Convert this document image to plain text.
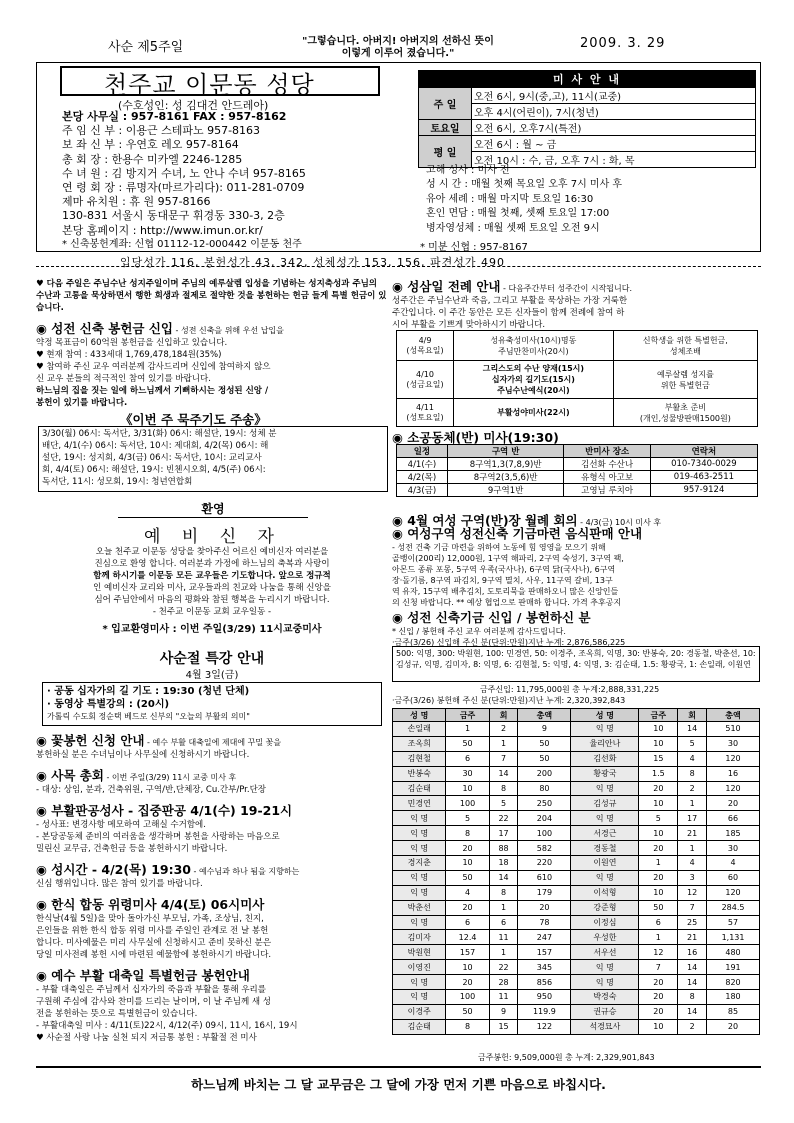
사순 제5주일	"그렇습니다. 아버지! 아버지의 선하신 뜻이
이렇게 이루어 졌습니다."
2009. 3. 29
천주교 이문동 성당
(수호성인: 성 김대건 안드레아)
본당 사무실 : 957-8161 FAX : 957-8162
주 임 신 부 : 이용근 스테파노 957-8163
보 좌 신 부 : 우연호 레오 957-8164
총 회 장 : 한용수 미카엘 2246-1285
수 녀 원 : 김 방지거 수녀, 노 안나 수녀 957-8165
연 령 회 장 : 류명자(마르가리다): 011-281-0709
제마 유치원 : 휴 원 957-8166
130-831 서울시 동대문구 휘경동 330-3, 2층
본당 홈페이지 : http://www.imun.or.kr/
* 신축봉헌계좌: 신협 01112-12-000442 이문동 천주
미 사 안 내	
주 일	오전 6시, 9시(중,고), 11시(교중)
	오후 4시(어린이), 7시(청년)
토요일	오전 6시, 오후7시(특전)
평 일	오전 6시 : 월 ~ 금
	오전 10시 : 수, 금, 오후 7시 : 화, 목
고해 성사 : 미사 전
성 시 간 : 매월 첫째 목요일 오후 7시 미사 후
유아 세례 : 매월 마지막 토요일 16:30
혼인 면담 : 매월 첫째, 셋째 토요일 17:00
병자영성체 : 매월 셋째 토요일 오전 9시
* 미분 신협 : 957-8167
입당성가 116, 봉헌성가 43, 342, 성체성가 153, 156, 파견성가 490
♥ 다음 주일은 주님수난 성지주일이며 주님의 예루살렘 입성을 기념하는 성지축성과 주님의 수난과 고통을 묵상하면서 행한 회생과 절제로 절약한 것을 봉헌하는 헌금 들게 특별 헌금이 있습니다.
◉ 성전 신축 봉헌금 신입 - 성전 신축을 위해 우선 납입을
약정 목표금이 60억원 봉헌금을 신입하고 있습니다.
♥ 현재 참여 : 433세대 1,769,478,184원(35%)
♥ 참여하 주신 교우 여러분께 감사드리며 신입에 참여하지 않으
신 교우 분들의 적극적인 참여 있기를 바랍니다.
하느님의 집을 짓는 일에 하느님께서 기뻐하시는 정성된 신앙 /
봉헌이 있기를 바랍니다.
《이번 주 묵주기도 주송》
3/30(월) 06시: 독서단, 3/31(화) 06시: 해설단, 19시: 성체 분
배단, 4/1(수) 06시: 독서단, 10시: 제대회, 4/2(목) 06시: 해
설단, 19시: 성지회, 4/3(금) 06시: 독서단, 10시: 교리교사
회, 4/4(토) 06시: 해설단, 19시: 빈첸시오회, 4/5(주) 06시:
독서단, 11시: 성모회, 19시: 청년연합회
환영
예 비 신 자
오늘 천주교 이문동 성당을 찾아주신 어르신 예비신자 여러분을
진심으로 환영 합니다. 여러분과 가정에 하느님의 축복과 사랑이
함께 하시기를 이문동 모든 교우들은 기도합니다. 앞으로 정규적
인 예비신자 교리와 미사, 교우들과의 친교와 나눔을 통해 신앙을
심어 주님안에서 마음의 평화와 참된 행복을 누리시기 바랍니다.
- 천주교 이문동 교회 교우일동 -
* 입교환영미사 : 이번 주일(3/29) 11시교중미사
사순절 특강 안내
4월 3일(금)
· 공동 십자가의 길 기도 : 19:30 (청년 단체)
· 동영상 특별강의 : (20시)
가톨릭 수도회 정순택 베드로 신부의 "오늘의 부활의 의미"
◉ 꽃봉헌 신청 안내 - 예수 부활 대축일에 제대에 꾸밀 꽃을
봉헌하실 분은 수녀님이나 사무실에 신청하시기 바랍니다.
◉ 사목 총회 - 이번 주일(3/29) 11시 교중 미사 후
- 대상: 상임, 분과, 건축위원, 구역/반,단체장, Cu.간부/Pr.단장
◉ 부활판공성사 - 집중판공 4/1(수) 19-21시
- 성사표: 변경사항 메모하여 고해실 수거함에.
- 본당공동체 준비의 여러움을 생각하며 봉헌을 사랑하는 마음으로
밀린신 교무금, 건축헌금 등을 봉헌하시기 바랍니다.
◉ 성시간 - 4/2(목) 19:30 - 예수님과 하나 됨을 지향하는
신심 행위입니다. 많은 참여 있기를 바랍니다.
◉ 한식 합동 위령미사 4/4(토) 06시미사
한식날(4월 5일)을 맞아 돌아가신 부모님, 가족, 조상님, 친지,
은인들을 위한 한식 합동 위령 미사를 주일인 관계로 전 날 봉헌
합니다. 미사예물은 미리 사무실에 신청하시고 준비 못하신 분은
당일 미사전례 봉헌 시에 마련된 예물함에 봉헌하시기 바랍니다.
◉ 예수 부활 대축일 특별헌금 봉헌안내
- 부활 대축일은 주님께서 십자가의 죽음과 부활을 통해 우리를
구원해 주심에 감사와 찬미를 드리는 날이며, 이 날 주님께 새 성
전을 봉헌하는 뜻으로 특별헌금이 있습니다.
- 부활대축일 미사 : 4/11(토)22시, 4/12(주) 09시, 11시, 16시, 19시
♥ 사순절 사랑 나눔 실천 되지 저금통 봉헌 : 부활절 전 미사
◉ 성삼일 전례 안내 - 다음주간부터 성주간이 시작됩니다.
성주간은 주님수난과 죽음, 그리고 부활을 묵상하는 가장 거룩한
주간입니다. 이 주간 동안은 모든 신자들이 함께 전례에 참여 하
시어 부활을 기쁘게 맞아하시기 바랍니다.
4/9
(성목요일)	성유축성미사(10시)명동
주님만찬미사(20시)	신학생을 위한 특별헌금,
성체조배
4/10
(성금요일)	그리스도의 수난 양재(15시)
십자가의 길기도(15시)
주님수난예식(20시)	예루살렘 성지를
위한 특별헌금
4/11
(성토요일)	부활성야미사(22시)	부활초 준비
(개인,성물방판매1500원)
◉ 소공동체(반) 미사(19:30)
일정	구역 반	반미사 장소	연락처
4/1(수)	8구역1,3(7,8,9)반	김선화 수산나	010-7340-0029
4/2(목)	8구역2(3,5,6)반	유형식 아고보	019-463-2511
4/3(금)	9구역1반	고영님 루치아	957-9124
◉ 4월 여성 구역(반)장 월례 회의 - 4/3(금) 10시 미사 후
◉ 여성구역 성전신축 기금마련 음식판매 안내
- 성전 건축 기금 마련을 위하여 노동에 힘 영영을 모으기 위해
골뱅이(200리) 12,000원, 1구역 해파리, 2구역 숙성기, 3구역 팩,
아몬드 종류 포몽, 5구역 우족(국사나), 6구역 닭(국사나), 6구역
장·돌기름, 8구역 파김치, 9구역 멸치, 사우, 11구역 갈비, 13구
역 유자, 15구역 배추김치, 도토리묵을 판매하오니 많은 신앙인들
의 신청 바랍니다. ** 예상 협업으로 판매하 합니다. 가격 추후공지
◉ 성전 신축기금 신입 / 봉헌하신 분
* 신입 / 봉헌해 주신 교우 여러분께 감사드립니다.
·금주(3/26) 신입해 주신 분(단위:만원)지난 누계: 2,876,586,225
500: 익명, 300: 박원현, 100: 민경연, 50: 이경주, 조옥희, 익명, 30: 반봉숙, 20: 경동철, 박춘선, 10: 김성규, 익명, 김미자, 8: 익명, 6: 김현철, 5: 익명, 4: 익명, 3: 김순태, 1.5: 황광국, 1: 손일래, 이원연
금주신입: 11,795,000원 총 누계:2,888,331,225
·금주(3/26) 봉헌해 주신 분(단위:만원)지난 누계: 2,320,392,843
성 명	금주	회	총액	성 명	금주	회	총액
손일래	1	2	9	익 명	10	14	510
조옥희	50	1	50	율리안나	10	5	30
김현철	6	7	50	김선화	15	4	120
반봉숙	30	14	200	황광국	1.5	8	16
김순태	10	8	80	익 명	20	2	120
민경연	100	5	250	김성규	10	1	20
익 명	5	22	204	익 명	5	17	66
익 명	8	17	100	서경근	10	21	185
익 명	20	88	582	경동철	20	1	30
경지춘	10	18	220	이원연	1	4	4
익 명	50	14	610	익 명	20	3	60
익 명	4	8	179	이석형	10	12	120
박춘선	20	1	20	강준형	50	7	284.5
익 명	6	6	78	이정심	6	25	57
김미자	12.4	11	247	우성한	1	21	1,131
박원현	157	1	157	서우선	12	16	480
이영진	10	22	345	익 명	7	14	191
익 명	20	28	856	익 명	20	14	820
익 명	100	11	950	박경숙	20	8	180
이경주	50	9	119.9	권규승	20	14	85
김순태	8	15	122	석경묘사	10	2	20
금주봉헌: 9,509,000원 총 누계: 2,329,901,843
하느님께 바치는 그 달 교무금은 그 달에 가장 먼저 기쁜 마음으로 바칩시다.
